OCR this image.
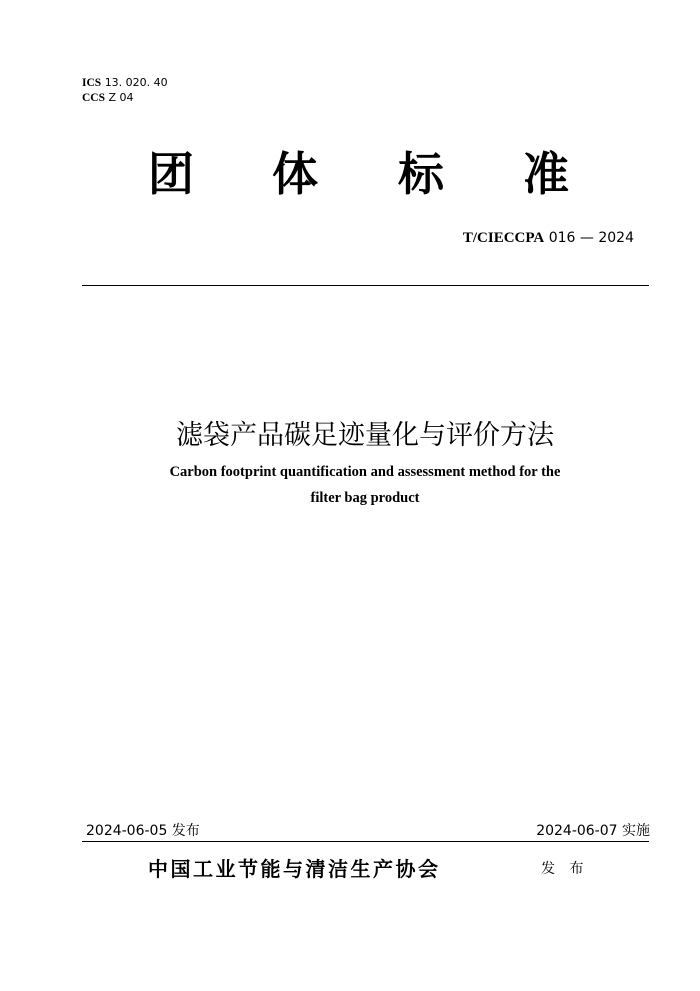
ICS 13. 020. 40
CCS Z 04
团 体 标 准
T/CIECCPA 016 — 2024
滤袋产品碳足迹量化与评价方法
Carbon footprint quantification and assessment method for the
filter bag product
2024-06-05 发布	2024-06-07 实施
中国工业节能与清洁生产协会	发 布
